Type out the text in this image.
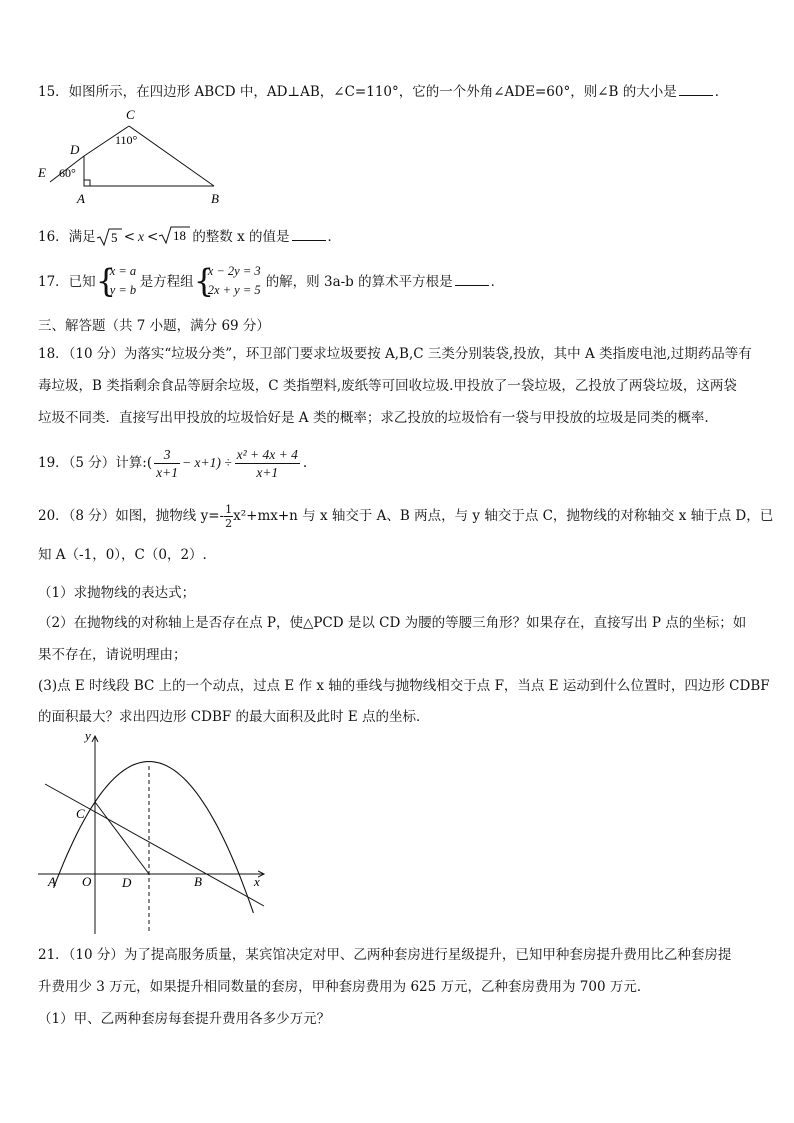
15．如图所示，在四边形 ABCD 中，AD⊥AB，∠C=110°，它的一个外角∠ADE=60°，则∠B 的大小是	．
C
110°
D
E 60°
A	B
16．满足 5 < x < 18 的整数 x 的值是	．
17．已知 {
x = a
y = b 是方程组 {
x − 2y = 3
2x + y = 5 的解，则 3a-b 的算术平方根是	．
三、解答题（共 7 小题，满分 69 分）
18．（10 分）为落实“垃圾分类”，环卫部门要求垃圾要按 A,B,C 三类分别装袋,投放，其中 A 类指废电池,过期药品等有
毒垃圾，B 类指剩余食品等厨余垃圾，C 类指塑料,废纸等可回收垃圾.甲投放了一袋垃圾，乙投放了两袋垃圾，这两袋
垃圾不同类．直接写出甲投放的垃圾恰好是 A 类的概率；求乙投放的垃圾恰有一袋与甲投放的垃圾是同类的概率.
19．（5 分）计算:( $\frac{3}{x+1} - x+1) \div \frac{\text{x² + 4x + 4}}{x+1}$ .
20．（8 分）如图，抛物线 $y=- \frac{1}{2} x^2+mx+n$ 与 x 轴交于 A、B 两点，与 y 轴交于点 C，抛物线的对称轴交 x 轴于点 D，已
知 A（-1，0），C（0，2）.
（1）求抛物线的表达式；
（2）在抛物线的对称轴上是否存在点 P，使△PCD 是以 CD 为腰的等腰三角形？如果存在，直接写出 P 点的坐标；如
果不存在，请说明理由；
(3)点 E 时线段 BC 上的一个动点，过点 E 作 x 轴的垂线与抛物线相交于点 F，当点 E 运动到什么位置时，四边形 CDBF
的面积最大？求出四边形 CDBF 的最大面积及此时 E 点的坐标．
y
x
C
A O D	B
21．（10 分）为了提高服务质量，某宾馆决定对甲、乙两种套房进行星级提升，已知甲种套房提升费用比乙种套房提
升费用少 3 万元，如果提升相同数量的套房，甲种套房费用为 625 万元，乙种套房费用为 700 万元．
（1）甲、乙两种套房每套提升费用各多少万元？
